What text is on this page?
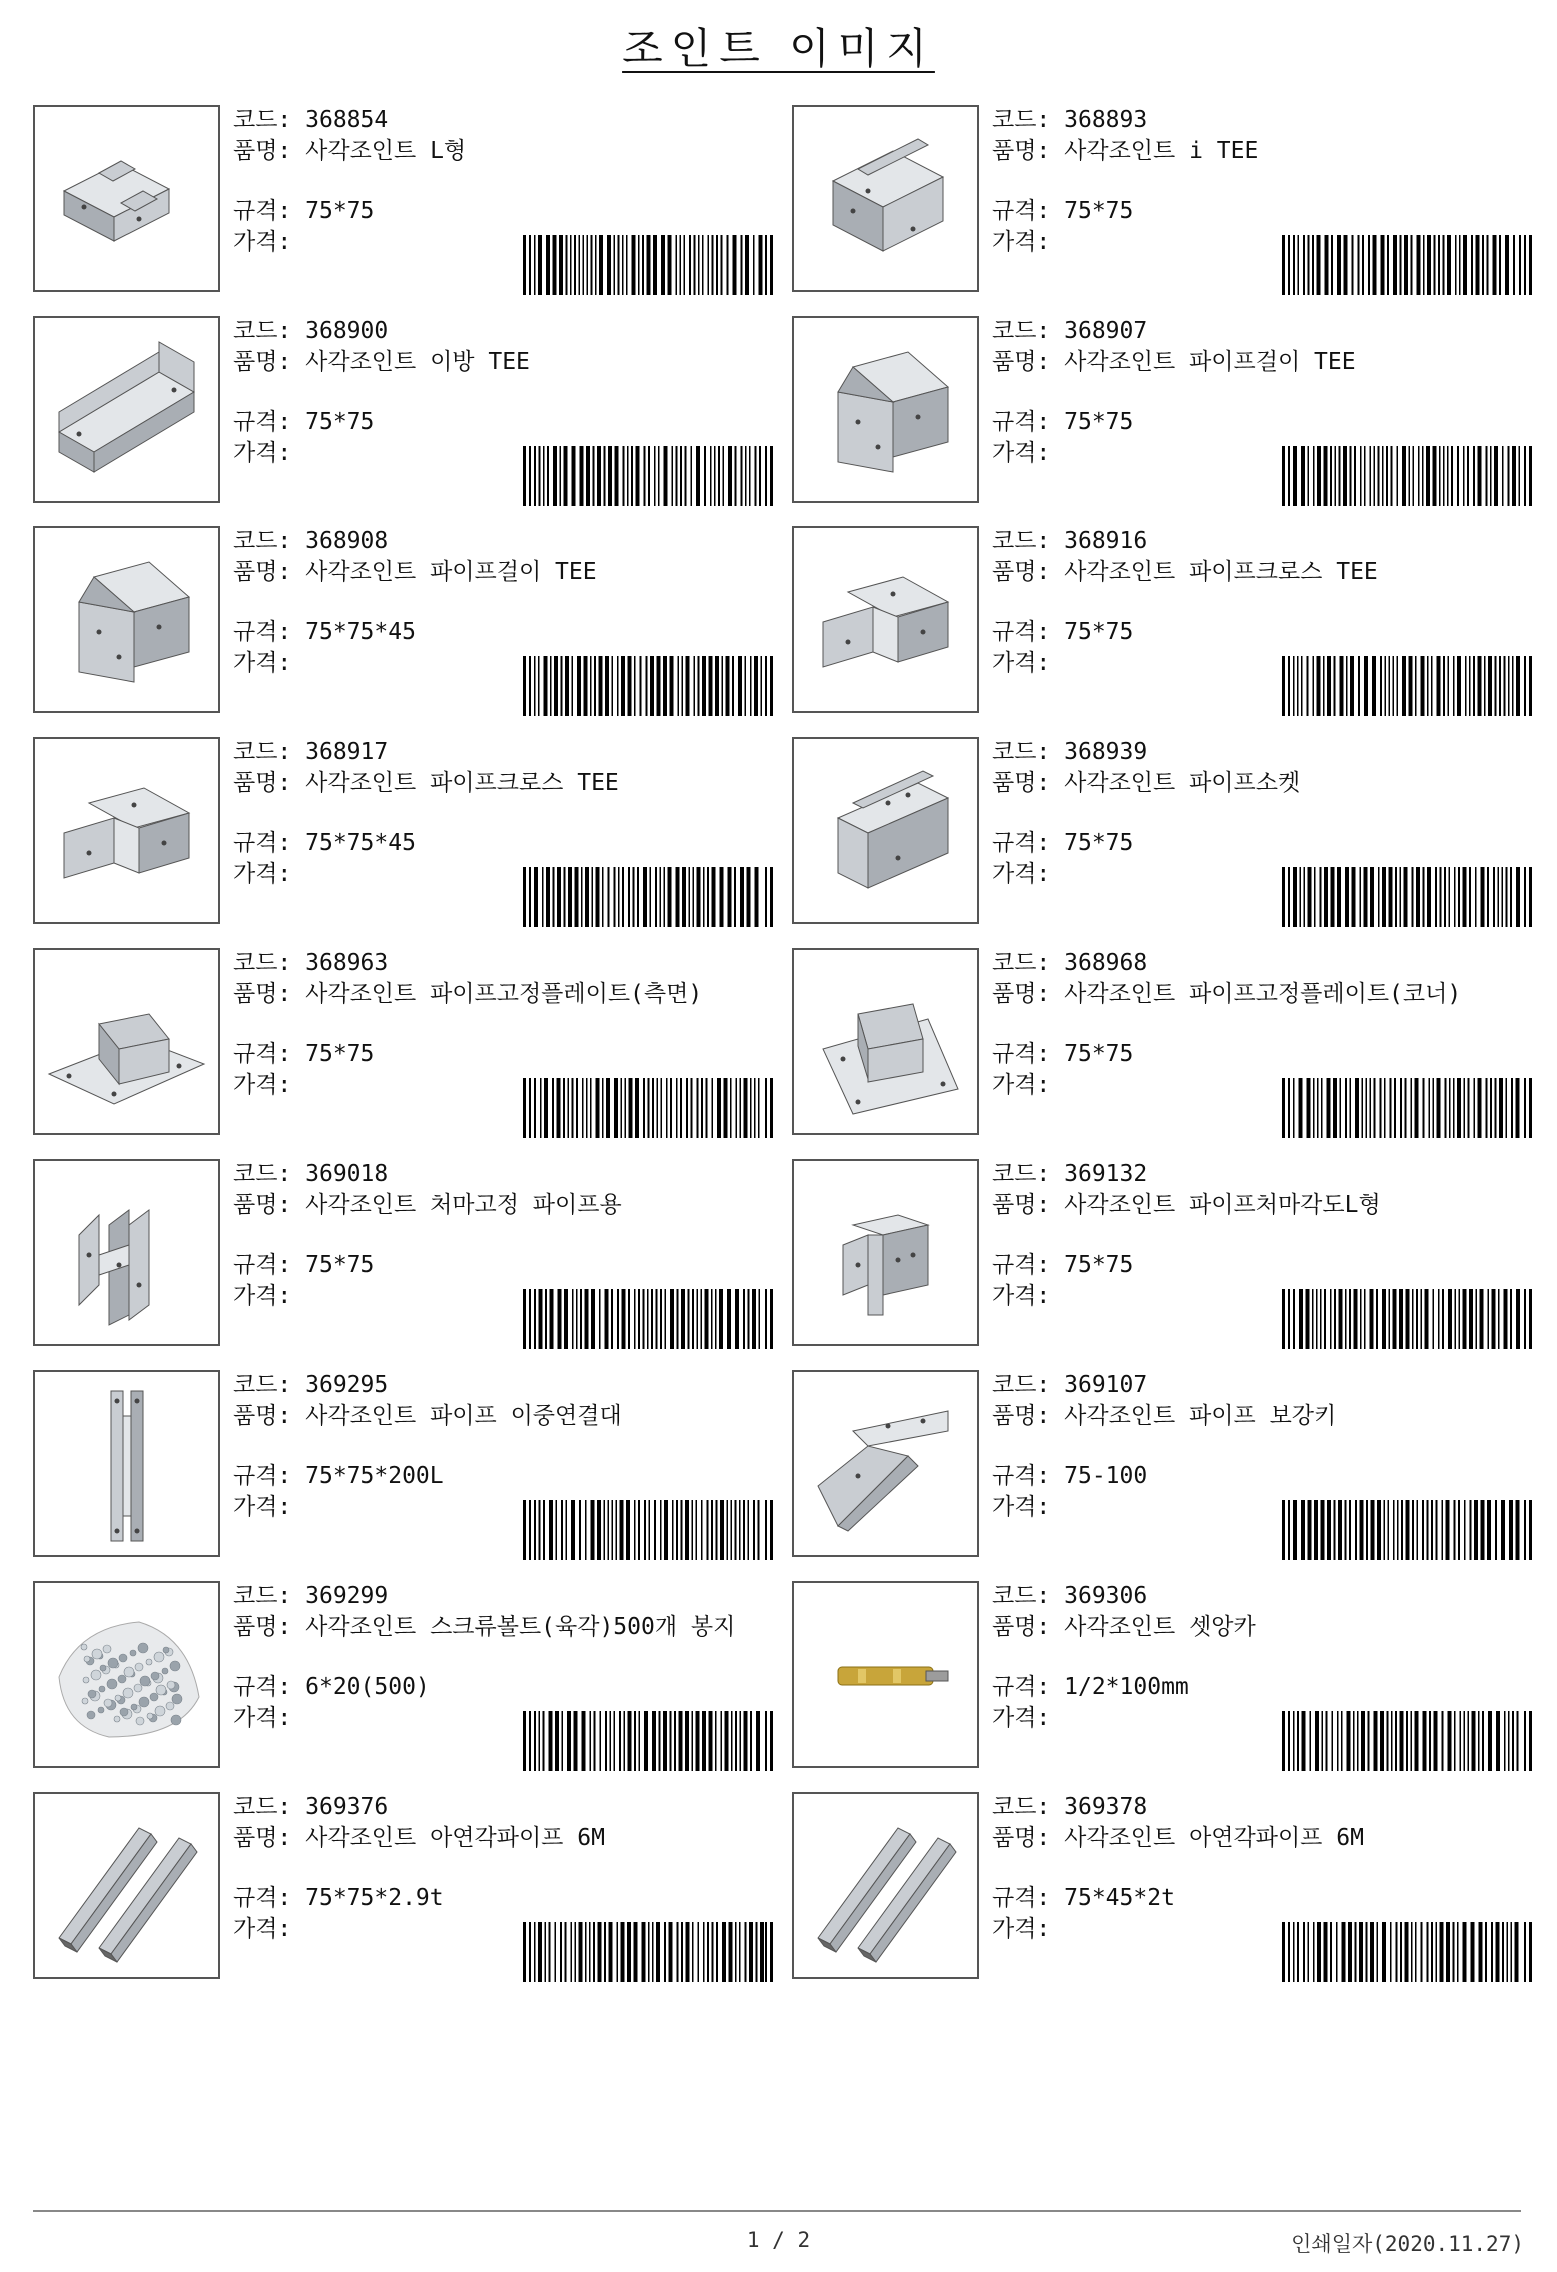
조인트 이미지
코드: 368854
품명: 사각조인트 L형
규격: 75*75
가격:
코드: 368893
품명: 사각조인트 i TEE
규격: 75*75
가격:
코드: 368900
품명: 사각조인트 이방 TEE
규격: 75*75
가격:
코드: 368907
품명: 사각조인트 파이프걸이 TEE
규격: 75*75
가격:
코드: 368908
품명: 사각조인트 파이프걸이 TEE
규격: 75*75*45
가격:
코드: 368916
품명: 사각조인트 파이프크로스 TEE
규격: 75*75
가격:
코드: 368917
품명: 사각조인트 파이프크로스 TEE
규격: 75*75*45
가격:
코드: 368939
품명: 사각조인트 파이프소켓
규격: 75*75
가격:
코드: 368963
품명: 사각조인트 파이프고정플레이트(측면)
규격: 75*75
가격:
코드: 368968
품명: 사각조인트 파이프고정플레이트(코너)
규격: 75*75
가격:
코드: 369018
품명: 사각조인트 처마고정 파이프용
규격: 75*75
가격:
코드: 369132
품명: 사각조인트 파이프처마각도L형
규격: 75*75
가격:
코드: 369295
품명: 사각조인트 파이프 이중연결대
규격: 75*75*200L
가격:
코드: 369107
품명: 사각조인트 파이프 보강키
규격: 75-100
가격:
코드: 369299
품명: 사각조인트 스크류볼트(육각)500개 봉지
규격: 6*20(500)
가격:
코드: 369306
품명: 사각조인트 셋앙카
규격: 1/2*100mm
가격:
코드: 369376
품명: 사각조인트 아연각파이프 6M
규격: 75*75*2.9t
가격:
코드: 369378
품명: 사각조인트 아연각파이프 6M
규격: 75*45*2t
가격:
1 / 2	인쇄일자(2020.11.27)
